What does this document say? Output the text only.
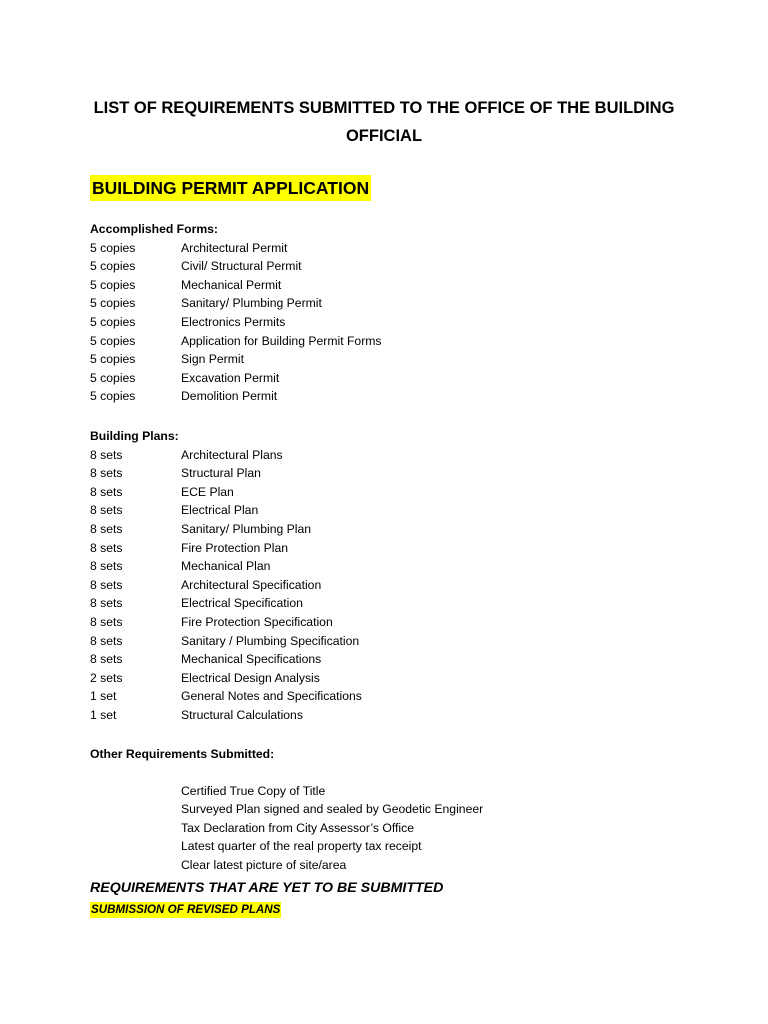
LIST OF REQUIREMENTS SUBMITTED TO THE OFFICE OF THE BUILDING
OFFICIAL
BUILDING PERMIT APPLICATION
Accomplished Forms:
5 copies	Architectural Permit
5 copies	Civil/ Structural Permit
5 copies	Mechanical Permit
5 copies	Sanitary/ Plumbing Permit
5 copies	Electronics Permits
5 copies	Application for Building Permit Forms
5 copies	Sign Permit
5 copies	Excavation Permit
5 copies	Demolition Permit
Building Plans:
8 sets	Architectural Plans
8 sets	Structural Plan
8 sets	ECE Plan
8 sets	Electrical Plan
8 sets	Sanitary/ Plumbing Plan
8 sets	Fire Protection Plan
8 sets	Mechanical Plan
8 sets	Architectural Specification
8 sets	Electrical Specification
8 sets	Fire Protection Specification
8 sets	Sanitary / Plumbing Specification
8 sets	Mechanical Specifications
2 sets	Electrical Design Analysis
1 set	General Notes and Specifications
1 set	Structural Calculations
Other Requirements Submitted:
Certified True Copy of Title
Surveyed Plan signed and sealed by Geodetic Engineer
Tax Declaration from City Assessor’s Office
Latest quarter of the real property tax receipt
Clear latest picture of site/area
REQUIREMENTS THAT ARE YET TO BE SUBMITTED
SUBMISSION OF REVISED PLANS
